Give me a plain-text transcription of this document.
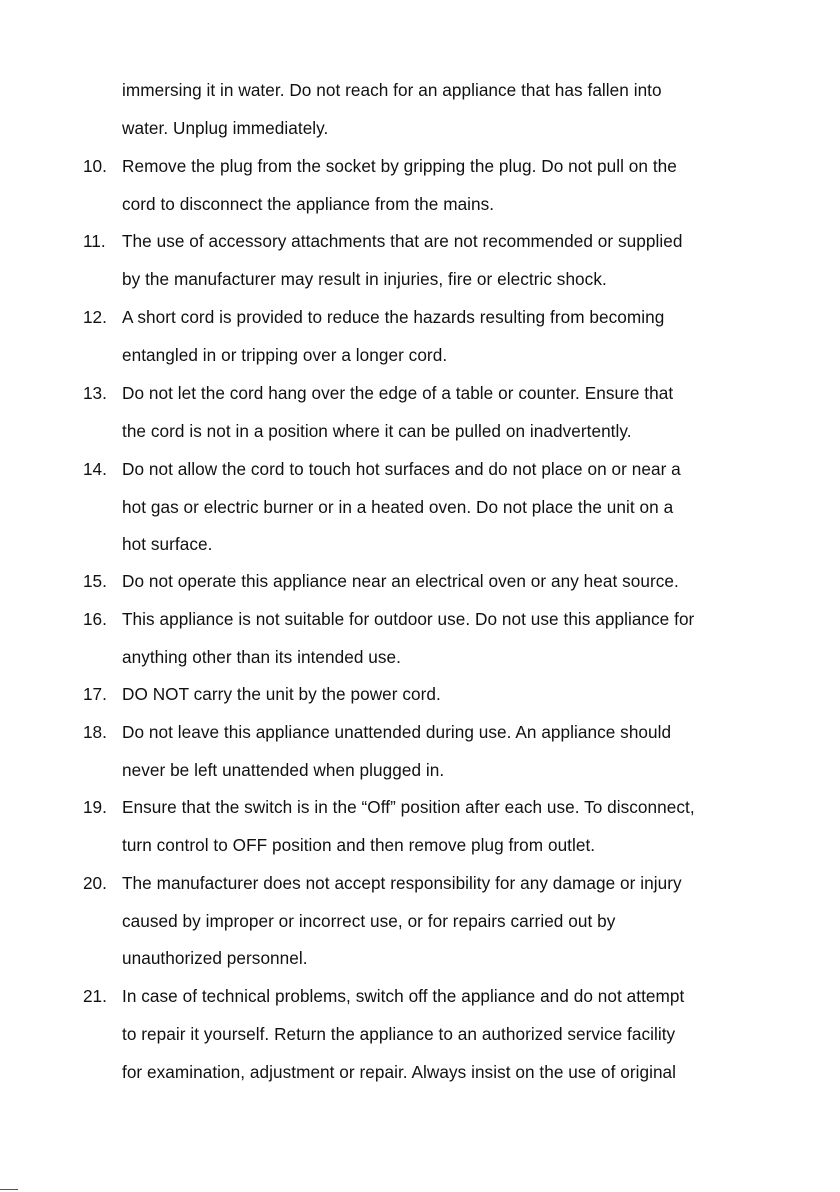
immersing it in water. Do not reach for an appliance that has fallen into
water. Unplug immediately.
10. Remove the plug from the socket by gripping the plug. Do not pull on the
cord to disconnect the appliance from the mains.
11. The use of accessory attachments that are not recommended or supplied
by the manufacturer may result in injuries, fire or electric shock.
12. A short cord is provided to reduce the hazards resulting from becoming
entangled in or tripping over a longer cord.
13. Do not let the cord hang over the edge of a table or counter. Ensure that
the cord is not in a position where it can be pulled on inadvertently.
14. Do not allow the cord to touch hot surfaces and do not place on or near a
hot gas or electric burner or in a heated oven. Do not place the unit on a
hot surface.
15. Do not operate this appliance near an electrical oven or any heat source.
16. This appliance is not suitable for outdoor use. Do not use this appliance for
anything other than its intended use.
17. DO NOT carry the unit by the power cord.
18. Do not leave this appliance unattended during use. An appliance should
never be left unattended when plugged in.
19. Ensure that the switch is in the “Off” position after each use. To disconnect,
turn control to OFF position and then remove plug from outlet.
20. The manufacturer does not accept responsibility for any damage or injury
caused by improper or incorrect use, or for repairs carried out by
unauthorized personnel.
21. In case of technical problems, switch off the appliance and do not attempt
to repair it yourself. Return the appliance to an authorized service facility
for examination, adjustment or repair. Always insist on the use of original
